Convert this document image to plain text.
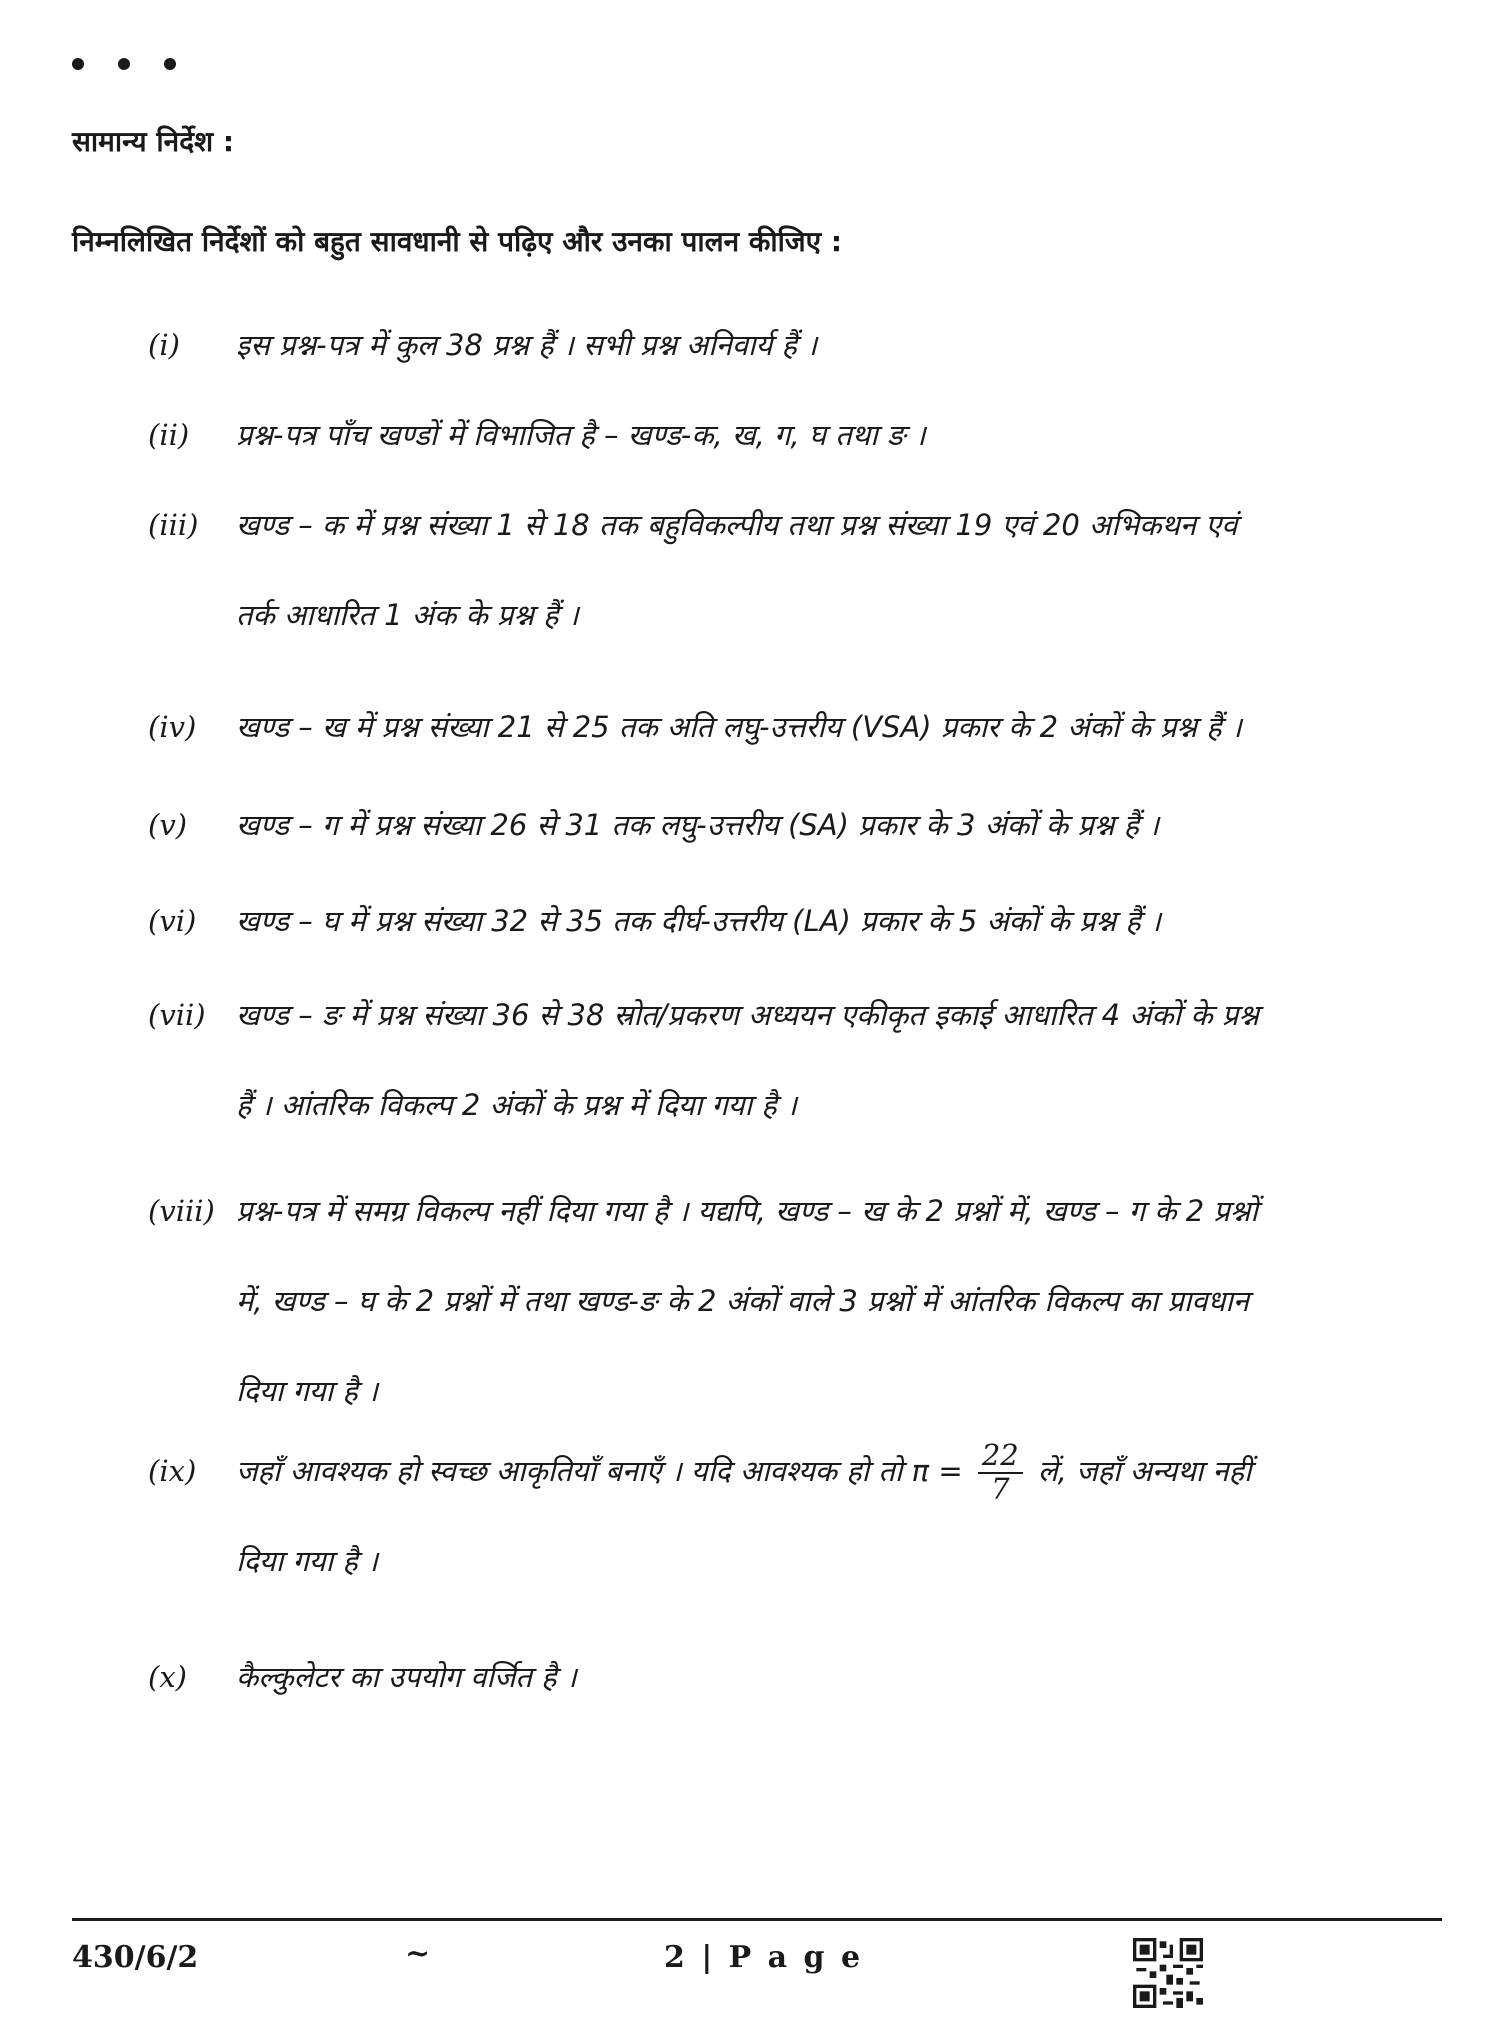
सामान्य निर्देश :
निम्नलिखित निर्देशों को बहुत सावधानी से पढ़िए और उनका पालन कीजिए :
(i)	इस प्रश्न-पत्र में कुल 38 प्रश्न हैं । सभी प्रश्न अनिवार्य हैं ।
(ii)	प्रश्न-पत्र पाँच खण्डों में विभाजित है – खण्ड-क, ख, ग, घ तथा ङ ।
(iii)	खण्ड – क में प्रश्न संख्या 1 से 18 तक बहुविकल्पीय तथा प्रश्न संख्या 19 एवं 20 अभिकथन एवं
तर्क आधारित 1 अंक के प्रश्न हैं ।
(iv)	खण्ड – ख में प्रश्न संख्या 21 से 25 तक अति लघु-उत्तरीय (VSA) प्रकार के 2 अंकों के प्रश्न हैं ।
(v)	खण्ड – ग में प्रश्न संख्या 26 से 31 तक लघु-उत्तरीय (SA) प्रकार के 3 अंकों के प्रश्न हैं ।
(vi)	खण्ड – घ में प्रश्न संख्या 32 से 35 तक दीर्घ-उत्तरीय (LA) प्रकार के 5 अंकों के प्रश्न हैं ।
(vii)	खण्ड – ङ में प्रश्न संख्या 36 से 38 स्रोत/प्रकरण अध्ययन एकीकृत इकाई आधारित 4 अंकों के प्रश्न
हैं । आंतरिक विकल्प 2 अंकों के प्रश्न में दिया गया है ।
(viii) प्रश्न-पत्र में समग्र विकल्प नहीं दिया गया है । यद्यपि, खण्ड – ख के 2 प्रश्नों में, खण्ड – ग के 2 प्रश्नों
में, खण्ड – घ के 2 प्रश्नों में तथा खण्ड-ङ के 2 अंकों वाले 3 प्रश्नों में आंतरिक विकल्प का प्रावधान
दिया गया है ।
(ix)	जहाँ आवश्यक हो स्वच्छ आकृतियाँ बनाएँ । यदि आवश्यक हो तो $\pi = \frac{22}{7}$ लें, जहाँ अन्यथा नहीं
दिया गया है ।
(x)	कैल्कुलेटर का उपयोग वर्जित है ।
430/6/2	~	2 | P a g e
